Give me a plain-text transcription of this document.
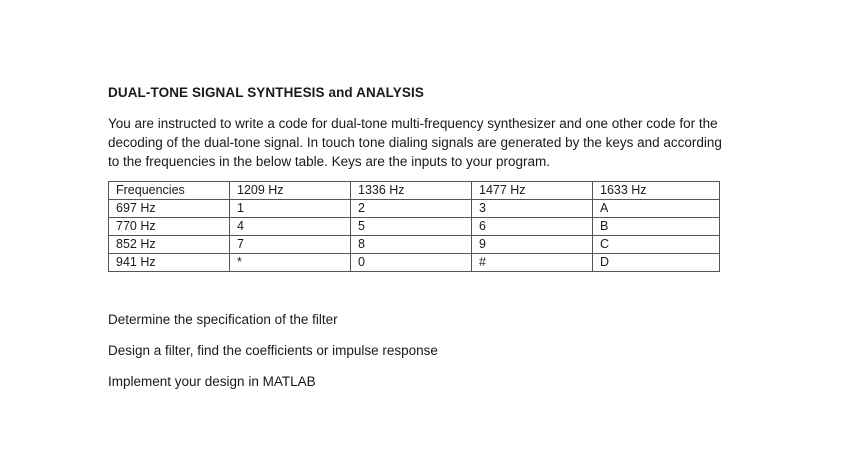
DUAL-TONE SIGNAL SYNTHESIS and ANALYSIS

You are instructed to write a code for dual-tone multi-frequency synthesizer and one other code for the decoding of the dual-tone signal. In touch tone dialing signals are generated by the keys and according to the frequencies in the below table. Keys are the inputs to your program.

Frequencies	1209 Hz	1336 Hz	1477 Hz	1633 Hz
697 Hz	1	2	3	A
770 Hz	4	5	6	B
852 Hz	7	8	9	C
941 Hz	*	0	#	D

Determine the specification of the filter

Design a filter, find the coefficients or impulse response

Implement your design in MATLAB
